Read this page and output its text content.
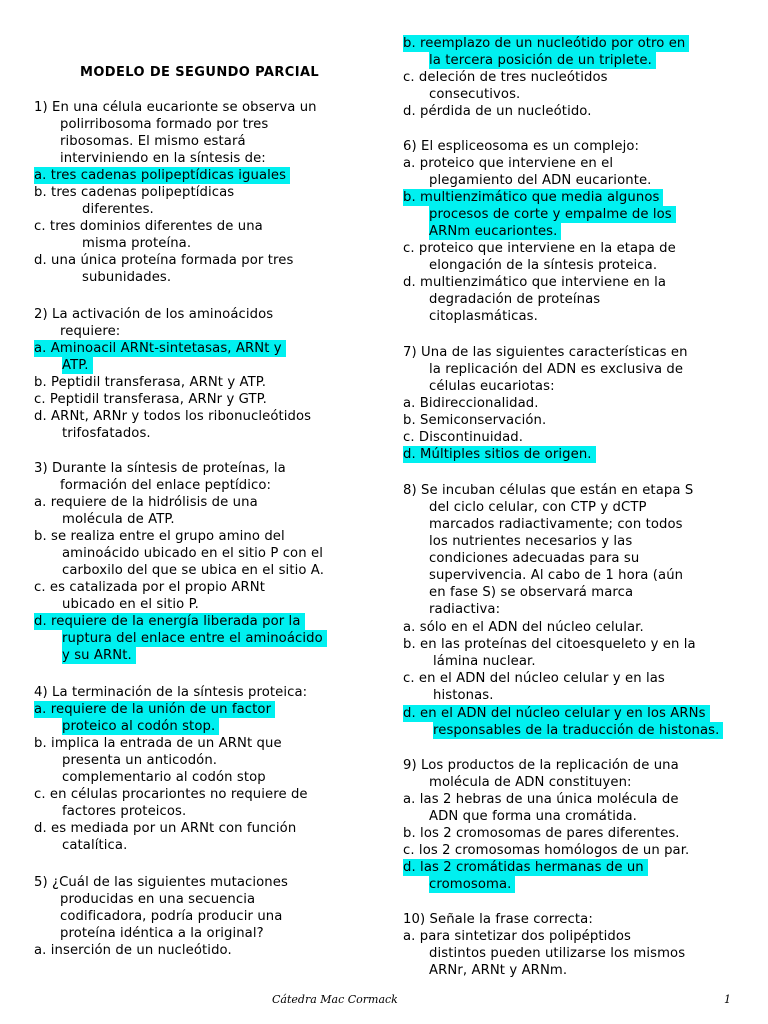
1) En una célula eucarionte se observa un
polirribosoma formado por tres
ribosomas. El mismo estará
interviniendo en la síntesis de:
a. tres cadenas polipeptídicas iguales
b. tres cadenas polipeptídicas
diferentes.
c. tres dominios diferentes de una
misma proteína.
d. una única proteína formada por tres
subunidades.
2) La activación de los aminoácidos
requiere:
a. Aminoacil ARNt-sintetasas, ARNt y
ATP.
b. Peptidil transferasa, ARNt y ATP.
c. Peptidil transferasa, ARNr y GTP.
d. ARNt, ARNr y todos los ribonucleótidos
trifosfatados.
3) Durante la síntesis de proteínas, la
formación del enlace peptídico:
a. requiere de la hidrólisis de una
molécula de ATP.
b. se realiza entre el grupo amino del
aminoácido ubicado en el sitio P con el
carboxilo del que se ubica en el sitio A.
c. es catalizada por el propio ARNt
ubicado en el sitio P.
d. requiere de la energía liberada por la
ruptura del enlace entre el aminoácido
y su ARNt.
4) La terminación de la síntesis proteica:
a. requiere de la unión de un factor
proteico al codón stop.
b. implica la entrada de un ARNt que
presenta un anticodón.
complementario al codón stop
c. en células procariontes no requiere de
factores proteicos.
d. es mediada por un ARNt con función
catalítica.
5) ¿Cuál de las siguientes mutaciones
producidas en una secuencia
codificadora, podría producir una
proteína idéntica a la original?
a. inserción de un nucleótido.
b. reemplazo de un nucleótido por otro en
la tercera posición de un triplete.
c. deleción de tres nucleótidos
consecutivos.
d. pérdida de un nucleótido.
6) El espliceosoma es un complejo:
a. proteico que interviene en el
plegamiento del ADN eucarionte.
b. multienzimático que media algunos
procesos de corte y empalme de los
ARNm eucariontes.
c. proteico que interviene en la etapa de
elongación de la síntesis proteica.
d. multienzimático que interviene en la
degradación de proteínas
citoplasmáticas.
7) Una de las siguientes características en
la replicación del ADN es exclusiva de
células eucariotas:
a. Bidireccionalidad.
b. Semiconservación.
c. Discontinuidad.
d. Múltiples sitios de origen.
8) Se incuban células que están en etapa S
del ciclo celular, con CTP y dCTP
marcados radiactivamente; con todos
los nutrientes necesarios y las
condiciones adecuadas para su
supervivencia. Al cabo de 1 hora (aún
en fase S) se observará marca
radiactiva:
a. sólo en el ADN del núcleo celular.
b. en las proteínas del citoesqueleto y en la
lámina nuclear.
c. en el ADN del núcleo celular y en las
histonas.
d. en el ADN del núcleo celular y en los ARNs
responsables de la traducción de histonas.
9) Los productos de la replicación de una
molécula de ADN constituyen:
a. las 2 hebras de una única molécula de
ADN que forma una cromátida.
b. los 2 cromosomas de pares diferentes.
c. los 2 cromosomas homólogos de un par.
d. las 2 cromátidas hermanas de un
cromosoma.
10) Señale la frase correcta:
a. para sintetizar dos polipéptidos
distintos pueden utilizarse los mismos
ARNr, ARNt y ARNm.
MODELO DE SEGUNDO PARCIAL
Cátedra Mac Cormack	1
